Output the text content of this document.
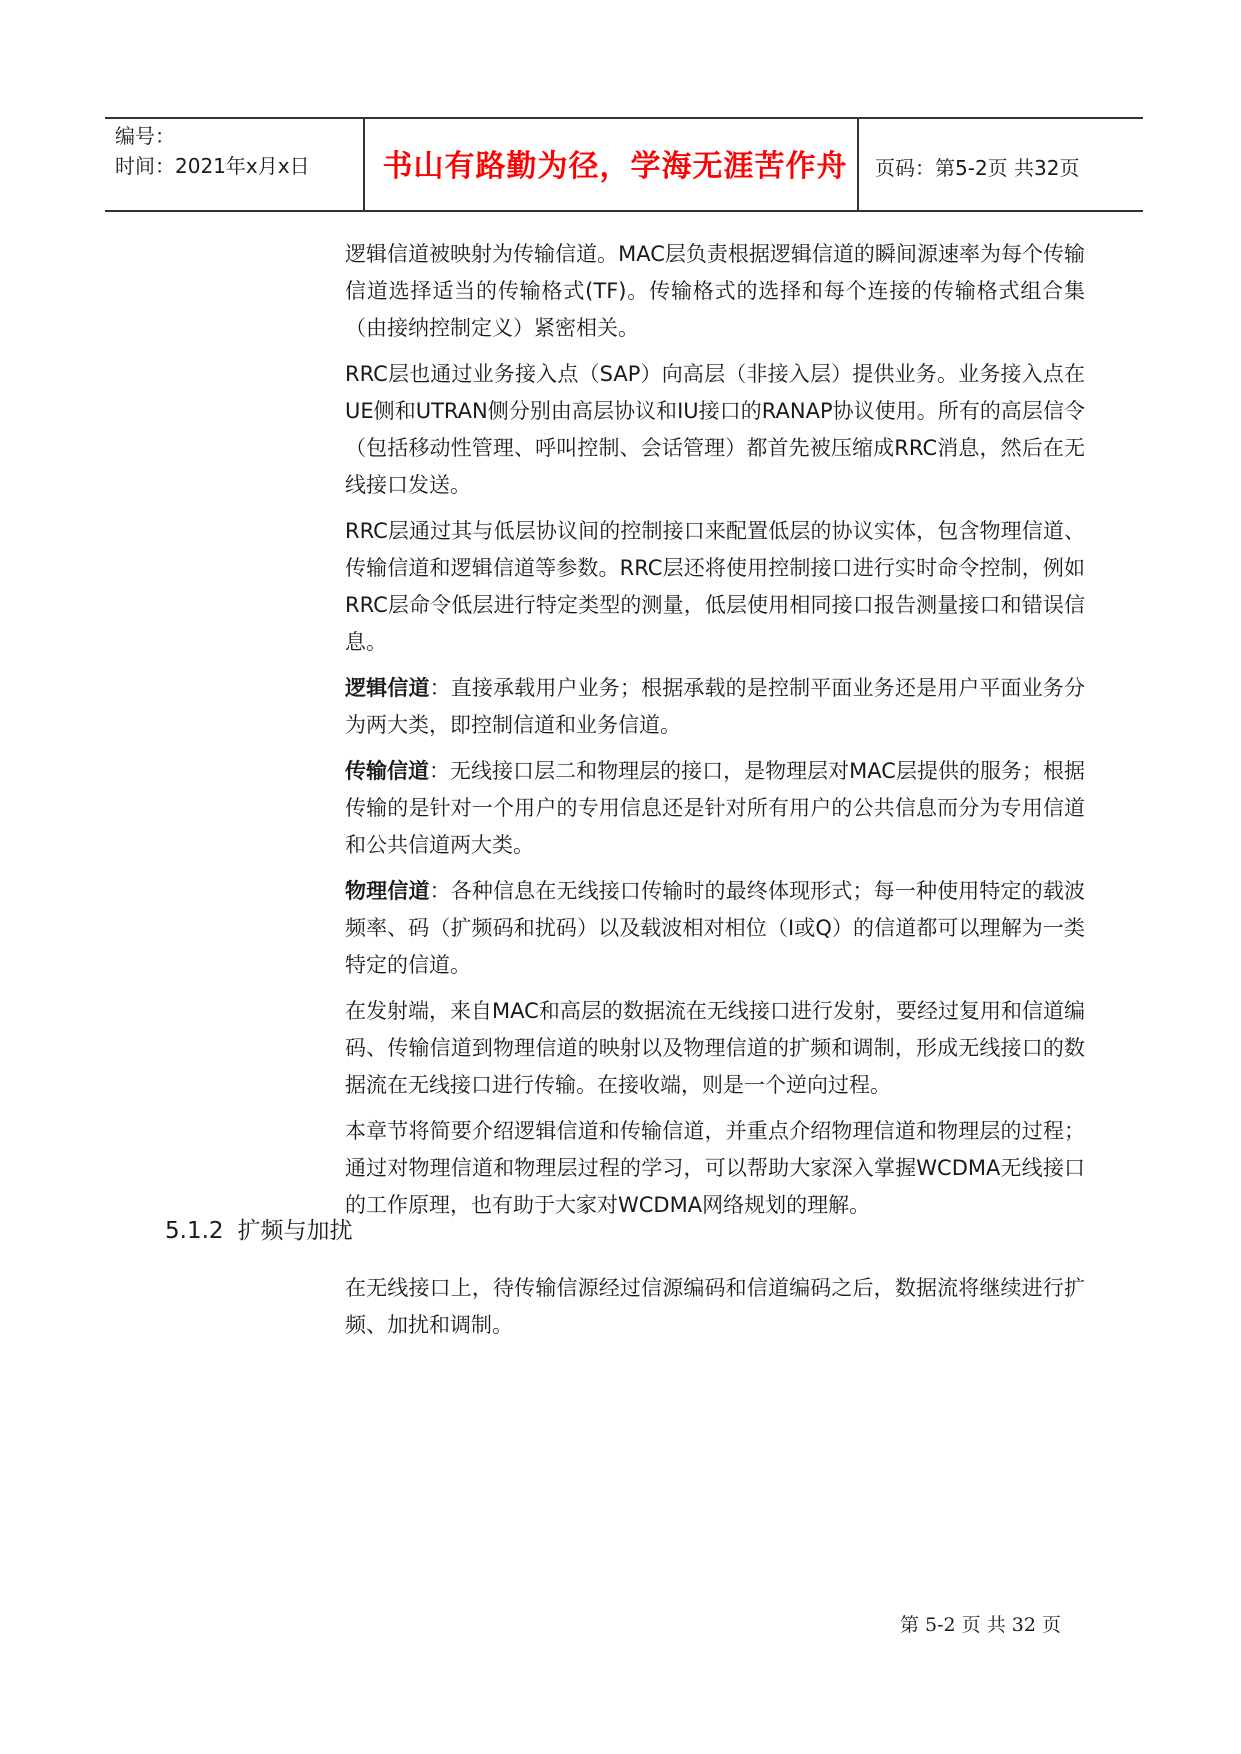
编号：
时间：2021年x月x日	书山有路勤为径，学海无涯苦作舟	页码：第5-2页 共32页

逻辑信道被映射为传输信道。MAC层负责根据逻辑信道的瞬间源速率为每个传输信道选择适当的传输格式(TF)。传输格式的选择和每个连接的传输格式组合集（由接纳控制定义）紧密相关。

RRC层也通过业务接入点（SAP）向高层（非接入层）提供业务。业务接入点在UE侧和UTRAN侧分别由高层协议和IU接口的RANAP协议使用。所有的高层信令（包括移动性管理、呼叫控制、会话管理）都首先被压缩成RRC消息，然后在无线接口发送。

RRC层通过其与低层协议间的控制接口来配置低层的协议实体，包含物理信道、传输信道和逻辑信道等参数。RRC层还将使用控制接口进行实时命令控制，例如RRC层命令低层进行特定类型的测量，低层使用相同接口报告测量接口和错误信息。

逻辑信道：直接承载用户业务；根据承载的是控制平面业务还是用户平面业务分为两大类，即控制信道和业务信道。

传输信道：无线接口层二和物理层的接口，是物理层对MAC层提供的服务；根据传输的是针对一个用户的专用信息还是针对所有用户的公共信息而分为专用信道和公共信道两大类。

物理信道：各种信息在无线接口传输时的最终体现形式；每一种使用特定的载波频率、码（扩频码和扰码）以及载波相对相位（I或Q）的信道都可以理解为一类特定的信道。

在发射端，来自MAC和高层的数据流在无线接口进行发射，要经过复用和信道编码、传输信道到物理信道的映射以及物理信道的扩频和调制，形成无线接口的数据流在无线接口进行传输。在接收端，则是一个逆向过程。

本章节将简要介绍逻辑信道和传输信道，并重点介绍物理信道和物理层的过程；通过对物理信道和物理层过程的学习，可以帮助大家深入掌握WCDMA无线接口的工作原理，也有助于大家对WCDMA网络规划的理解。

5.1.2 扩频与加扰

在无线接口上，待传输信源经过信源编码和信道编码之后，数据流将继续进行扩频、加扰和调制。

第 5-2 页 共 32 页
